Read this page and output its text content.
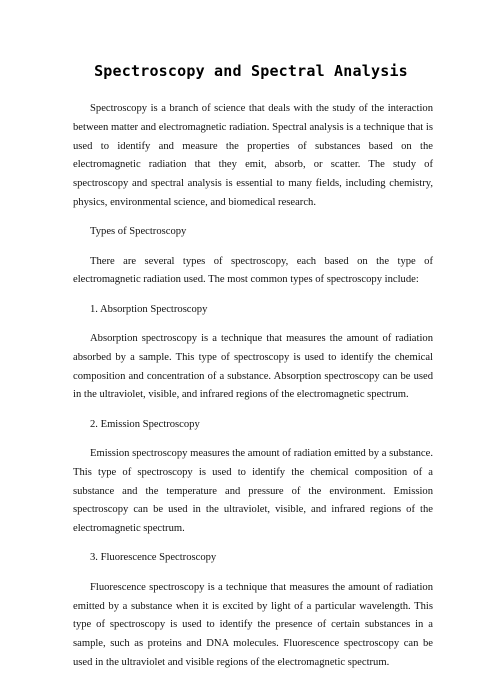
Spectroscopy and Spectral Analysis

Spectroscopy is a branch of science that deals with the study of the interaction between matter and electromagnetic radiation. Spectral analysis is a technique that is used to identify and measure the properties of substances based on the electromagnetic radiation that they emit, absorb, or scatter. The study of spectroscopy and spectral analysis is essential to many fields, including chemistry, physics, environmental science, and biomedical research.

Types of Spectroscopy

There are several types of spectroscopy, each based on the type of electromagnetic radiation used. The most common types of spectroscopy include:

1. Absorption Spectroscopy

Absorption spectroscopy is a technique that measures the amount of radiation absorbed by a sample. This type of spectroscopy is used to identify the chemical composition and concentration of a substance. Absorption spectroscopy can be used in the ultraviolet, visible, and infrared regions of the electromagnetic spectrum.

2. Emission Spectroscopy

Emission spectroscopy measures the amount of radiation emitted by a substance. This type of spectroscopy is used to identify the chemical composition of a substance and the temperature and pressure of the environment. Emission spectroscopy can be used in the ultraviolet, visible, and infrared regions of the electromagnetic spectrum.

3. Fluorescence Spectroscopy

Fluorescence spectroscopy is a technique that measures the amount of radiation emitted by a substance when it is excited by light of a particular wavelength. This type of spectroscopy is used to identify the presence of certain substances in a sample, such as proteins and DNA molecules. Fluorescence spectroscopy can be used in the ultraviolet and visible regions of the electromagnetic spectrum.
